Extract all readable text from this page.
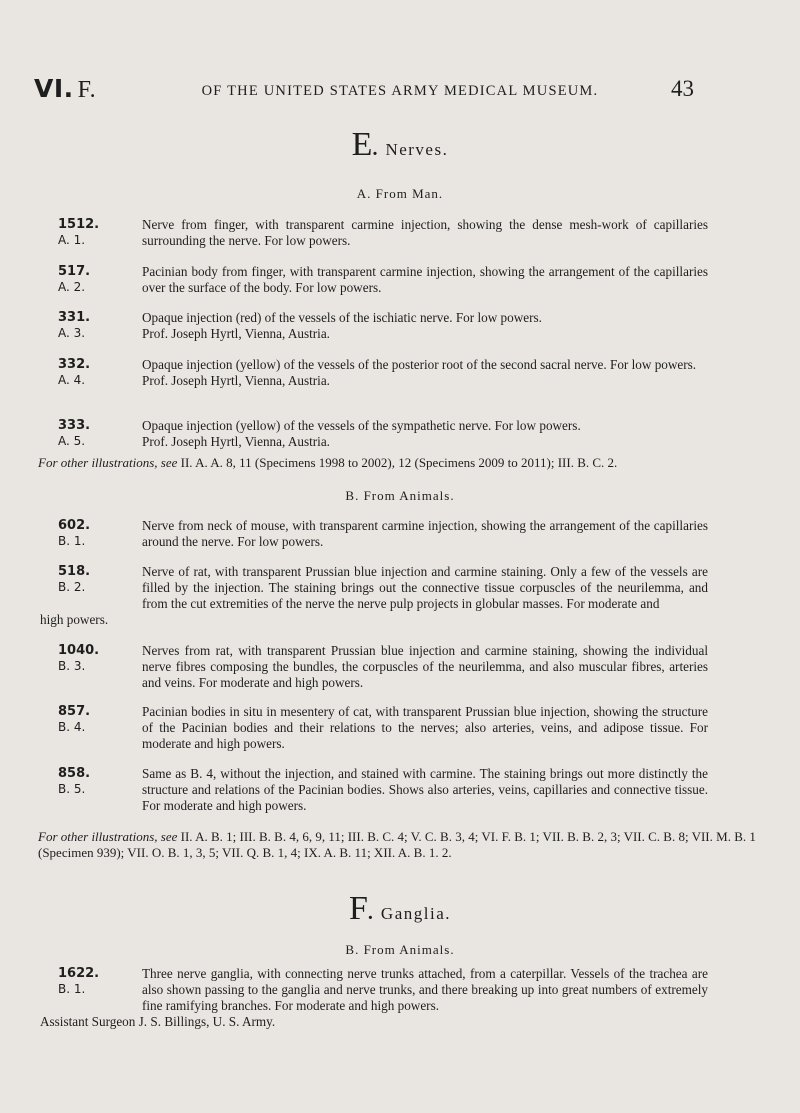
VI. F.	OF THE UNITED STATES ARMY MEDICAL MUSEUM.	43
E. Nerves.
A. From Man.
1512.
A. 1.
Nerve from finger, with transparent carmine injection, showing the dense mesh-work of capillaries surrounding the nerve. For low powers.
517.
A. 2.
Pacinian body from finger, with transparent carmine injection, showing the arrangement of the capillaries over the surface of the body. For low powers.
331.
A. 3.
Opaque injection (red) of the vessels of the ischiatic nerve. For low powers.
Prof. Joseph Hyrtl, Vienna, Austria.
332.
A. 4.
Opaque injection (yellow) of the vessels of the posterior root of the second sacral nerve. For low powers.
Prof. Joseph Hyrtl, Vienna, Austria.
333.
A. 5.
Opaque injection (yellow) of the vessels of the sympathetic nerve. For low powers.
Prof. Joseph Hyrtl, Vienna, Austria.
For other illustrations, see II. A. A. 8, 11 (Specimens 1998 to 2002), 12 (Specimens 2009 to 2011); III. B. C. 2.
B. From Animals.
602.
B. 1.
Nerve from neck of mouse, with transparent carmine injection, showing the arrangement of the capillaries around the nerve. For low powers.
518.
B. 2.
Nerve of rat, with transparent Prussian blue injection and carmine staining. Only a few of the vessels are filled by the injection. The staining brings out the connective tissue corpuscles of the neurilemma, and from the cut extremities of the nerve the nerve pulp projects in globular masses. For moderate and
high powers.
1040.
B. 3.
Nerves from rat, with transparent Prussian blue injection and carmine staining, showing the individual nerve fibres composing the bundles, the corpuscles of the neurilemma, and also muscular fibres, arteries and veins. For moderate and high powers.
857.
B. 4.
Pacinian bodies in situ in mesentery of cat, with transparent Prussian blue injection, showing the structure of the Pacinian bodies and their relations to the nerves; also arteries, veins, and adipose tissue. For moderate and high powers.
858.
B. 5.
Same as B. 4, without the injection, and stained with carmine. The staining brings out more distinctly the structure and relations of the Pacinian bodies. Shows also arteries, veins, capillaries and connective tissue. For moderate and high powers.
For other illustrations, see II. A. B. 1; III. B. B. 4, 6, 9, 11; III. B. C. 4; V. C. B. 3, 4; VI. F. B. 1; VII. B. B. 2, 3; VII. C. B. 8; VII. M. B. 1 (Specimen 939); VII. O. B. 1, 3, 5; VII. Q. B. 1, 4; IX. A. B. 11; XII. A. B. 1. 2.
F. Ganglia.
B. From Animals.
1622.
B. 1.
Three nerve ganglia, with connecting nerve trunks attached, from a caterpillar. Vessels of the trachea are also shown passing to the ganglia and nerve trunks, and there breaking up into great numbers of extremely fine ramifying branches. For moderate and high powers.
Assistant Surgeon J. S. Billings, U. S. Army.
